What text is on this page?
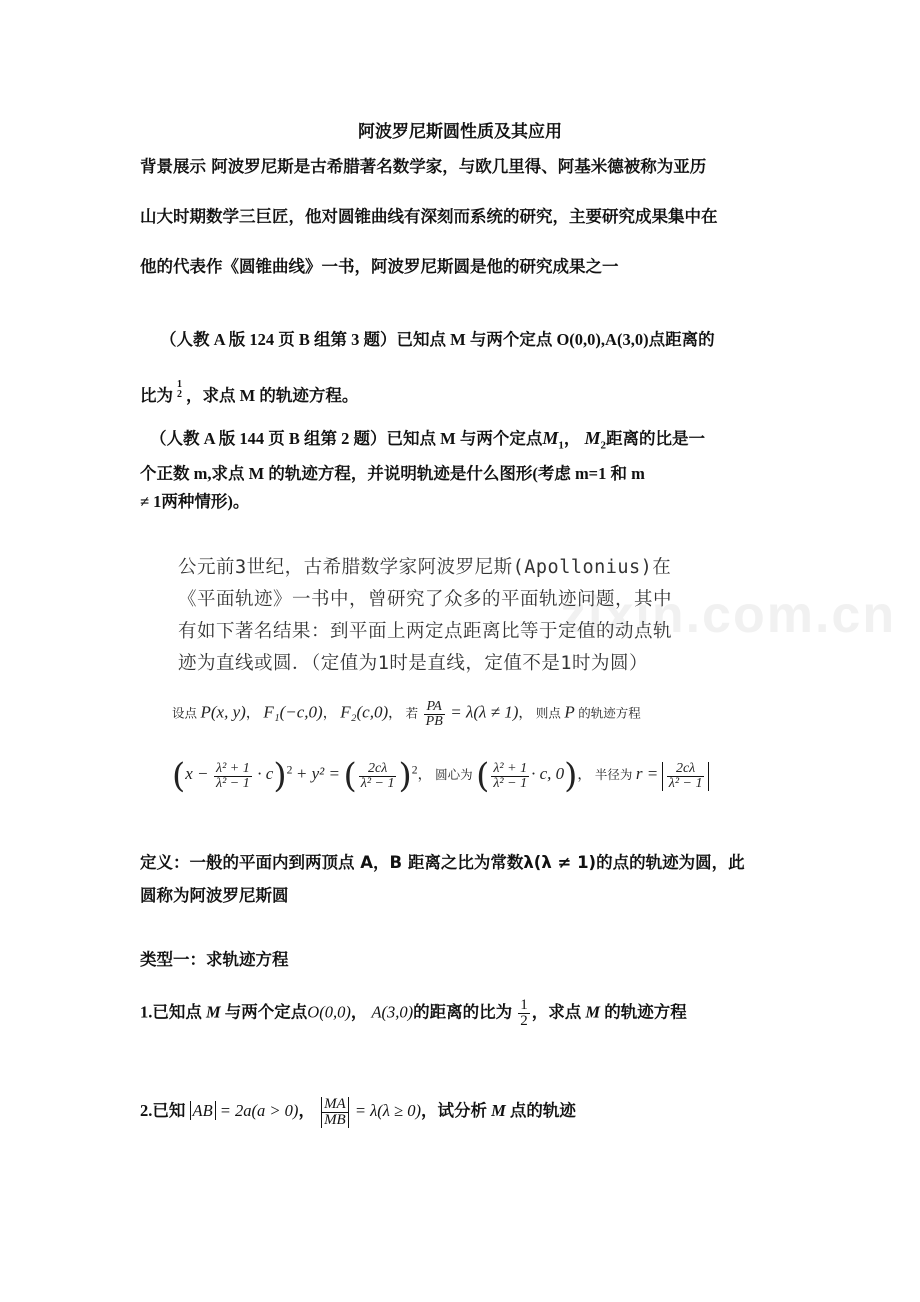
阿波罗尼斯圆性质及其应用
背景展示 阿波罗尼斯是古希腊著名数学家，与欧几里得、阿基米德被称为亚历
山大时期数学三巨匠，他对圆锥曲线有深刻而系统的研究，主要研究成果集中在
他的代表作《圆锥曲线》一书，阿波罗尼斯圆是他的研究成果之一
（人教 A 版 124 页 B 组第 3 题）已知点 M 与两个定点 O(0,0),A(3,0)点距离的
比为
1
2 ，求点 M 的轨迹方程。
（人教 A 版 144 页 B 组第 2 题）已知点 M 与两个定点$M_1$， $M_2$距离的比是一
个正数 m,求点 M 的轨迹方程，并说明轨迹是什么图形(考虑 m=1 和 m
≠ 1两种情形)。
zixin.com.cn
公元前3世纪，古希腊数学家阿波罗尼斯(Apollonius)在
《平面轨迹》一书中，曾研究了众多的平面轨迹问题，其中
有如下著名结果：到平面上两定点距离比等于定值的动点轨
迹为直线或圆．（定值为1时是直线，定值不是1时为圆）
设点 P(x, y)， F₁(−c,0)， F₂(c,0)， 若 $\frac{PA}{PB} = \lambda(\lambda \ne 1)$， 则点 P 的轨迹方程
$(x - \frac{\text{λ² + 1}}{\text{λ² − 1}} \cdot c)^2 + y^2$ = ( $\frac{2c\lambda}{\text{λ² − 1}} )^2$， 圆心为 ( $\frac{\text{λ² + 1}}{\text{λ² − 1}} \cdot c$, 0)， 半径为 $r = \frac{2c\lambda}{\text{λ² − 1}}$
定义：一般的平面内到两顶点 A，B 距离之比为常数λ(λ ≠ 1)的点的轨迹为圆，此
圆称为阿波罗尼斯圆
类型一：求轨迹方程
1.已知点 M 与两个定点O(0,0)， A(3,0)的距离的比为 $\frac{1}{2}$ ，求点 M 的轨迹方程
2.已知 AB = 2a(a > 0)， $\frac{MA}{MB} = \lambda(\lambda \ge 0)$，试分析 M 点的轨迹
